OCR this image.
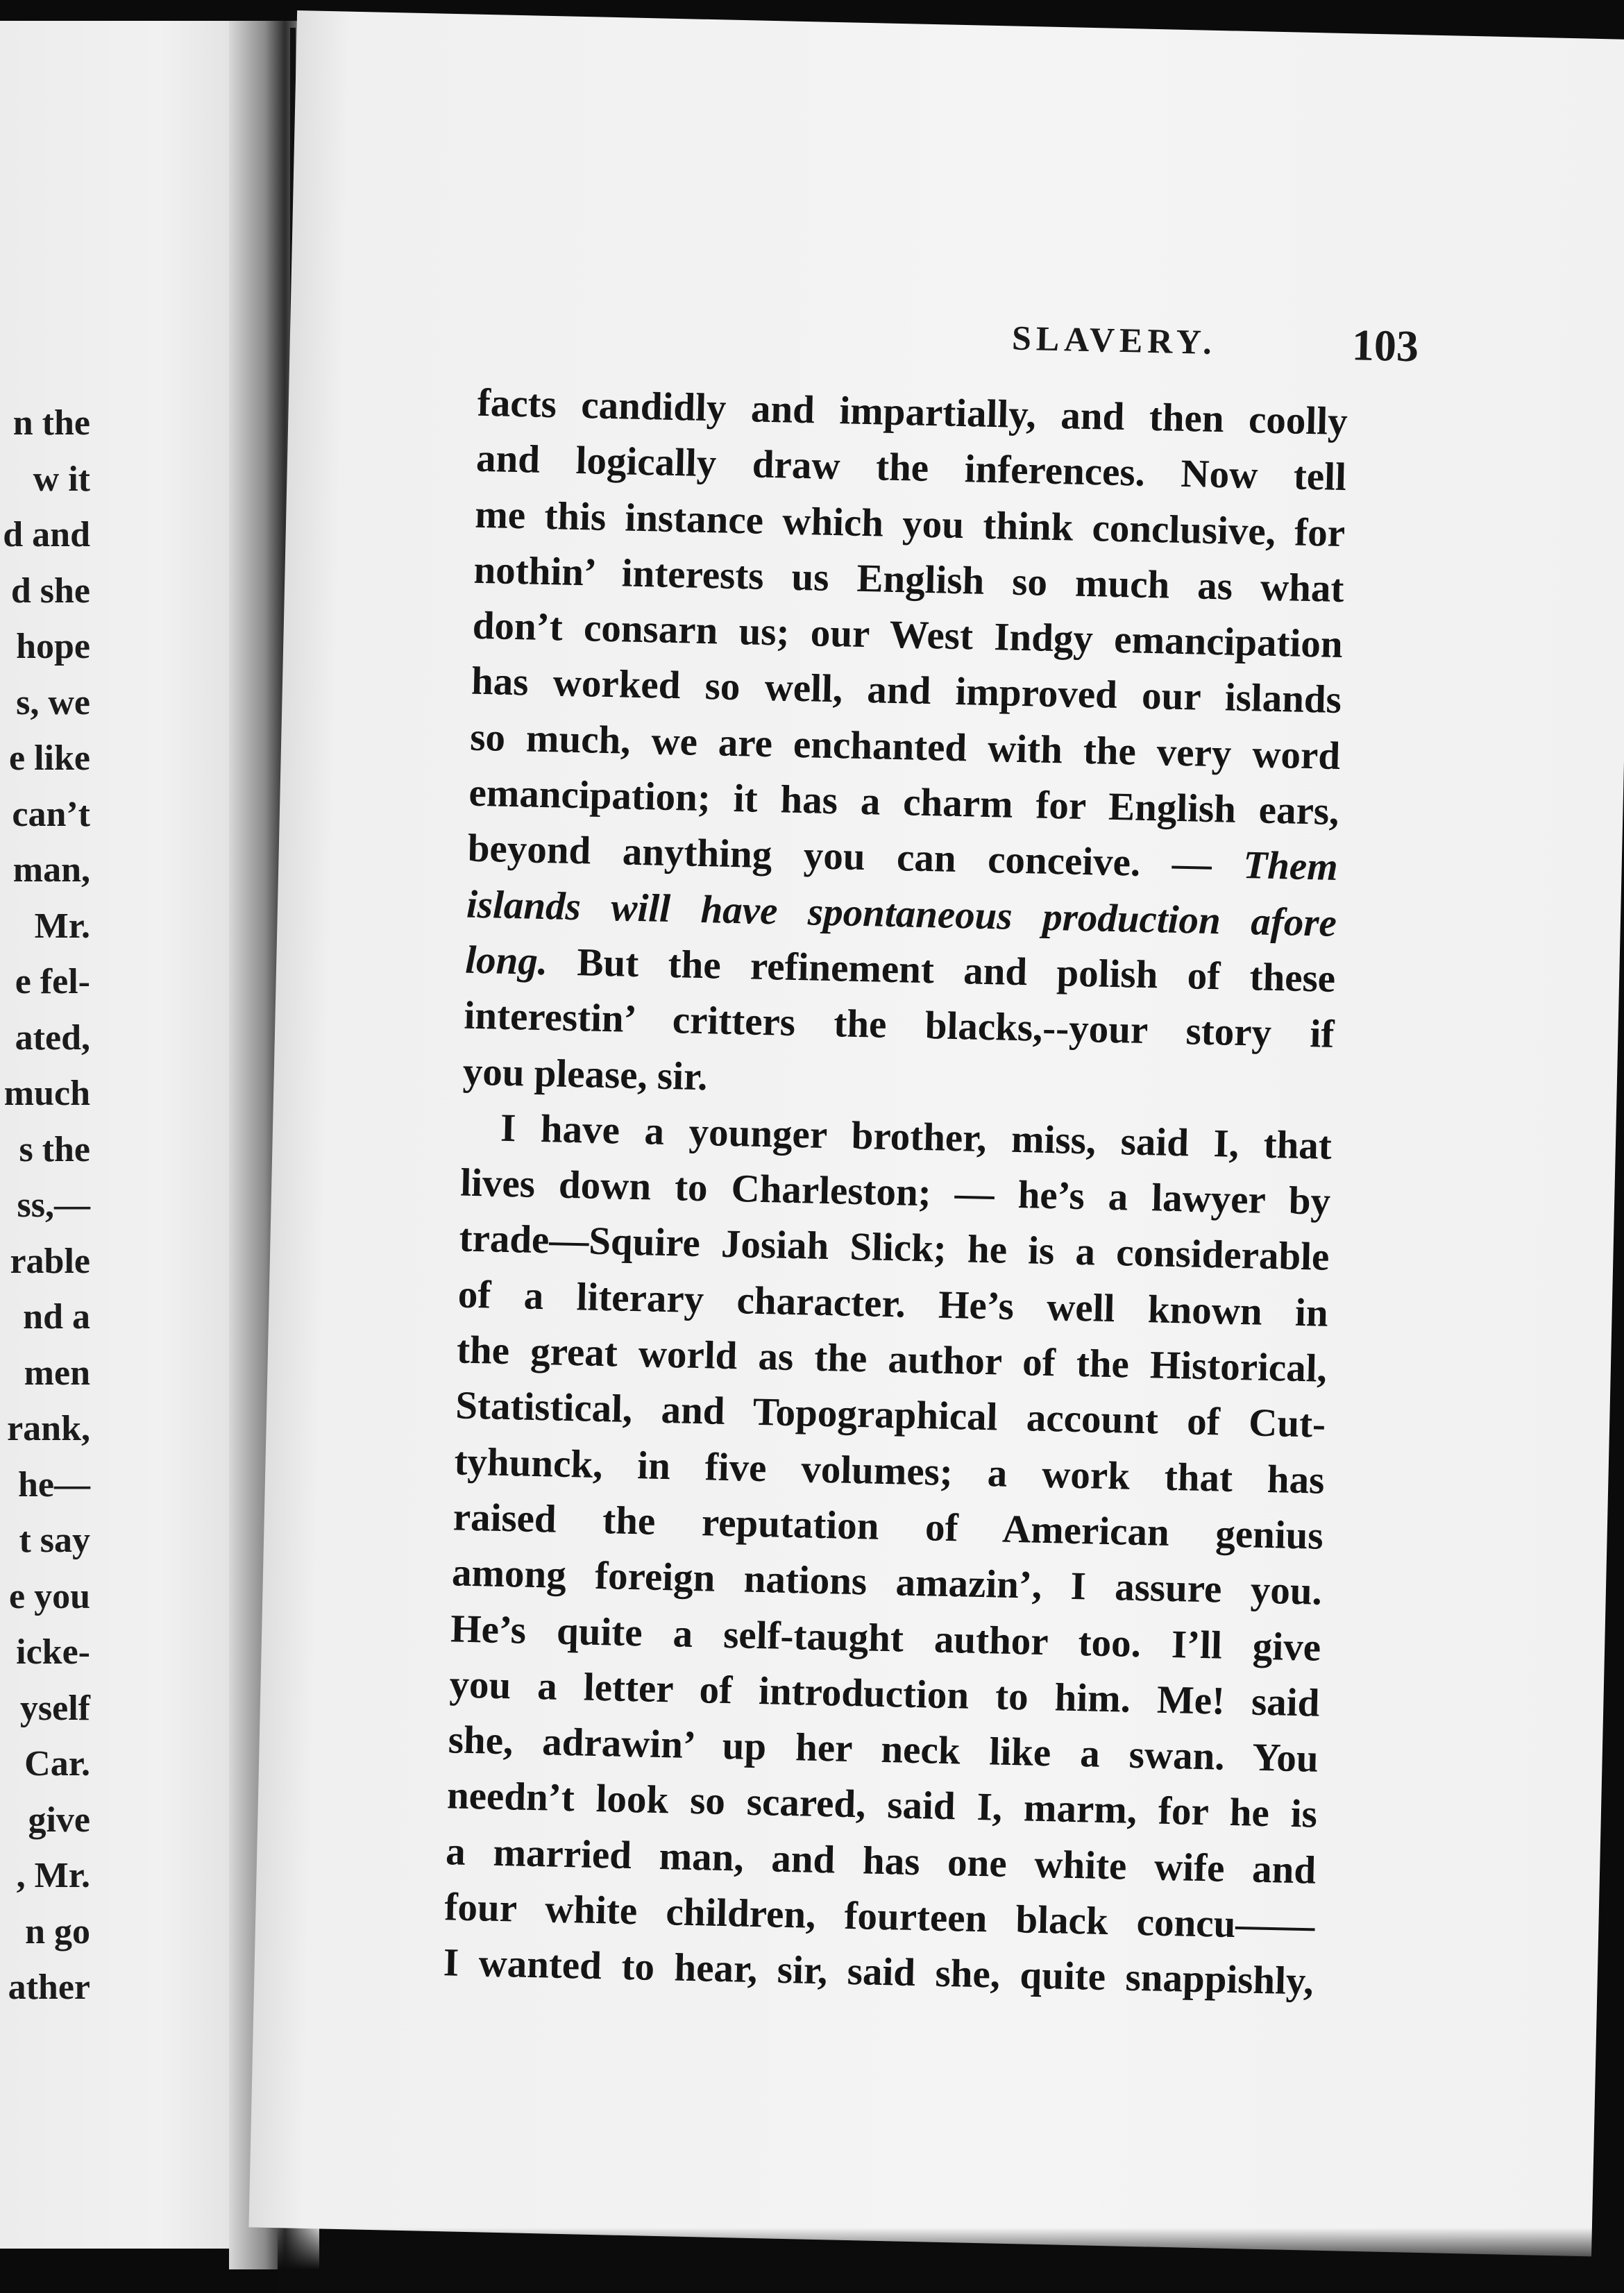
n the
w it
d and
d she
hope
s, we
e like
can’t
man,
Mr.
e fel-
ated,
much
s the
ss,—
rable
nd a
men
rank,
he—
t say
e you
icke-
yself
Car.
give
, Mr.
n go
ather
SLAVERY.	103
facts candidly and impartially, and then coolly
and logically draw the inferences. Now tell
me this instance which you think conclusive, for
nothin’ interests us English so much as what
don’t consarn us; our West Indgy emancipation
has worked so well, and improved our islands
so much, we are enchanted with the very word
emancipation; it has a charm for English ears,
beyond anything you can conceive. — Them
islands will have spontaneous production afore
long. But the refinement and polish of these
interestin’ critters the blacks,--your story if
you please, sir.
I have a younger brother, miss, said I, that
lives down to Charleston; — he’s a lawyer by
trade—Squire Josiah Slick; he is a considerable
of a literary character. He’s well known in
the great world as the author of the Historical,
Statistical, and Topographical account of Cut-
tyhunck, in five volumes; a work that has
raised the reputation of American genius
among foreign nations amazin’, I assure you.
He’s quite a self-taught author too. I’ll give
you a letter of introduction to him. Me! said
she, adrawin’ up her neck like a swan. You
needn’t look so scared, said I, marm, for he is
a married man, and has one white wife and
four white children, fourteen black concu——
I wanted to hear, sir, said she, quite snappishly,
